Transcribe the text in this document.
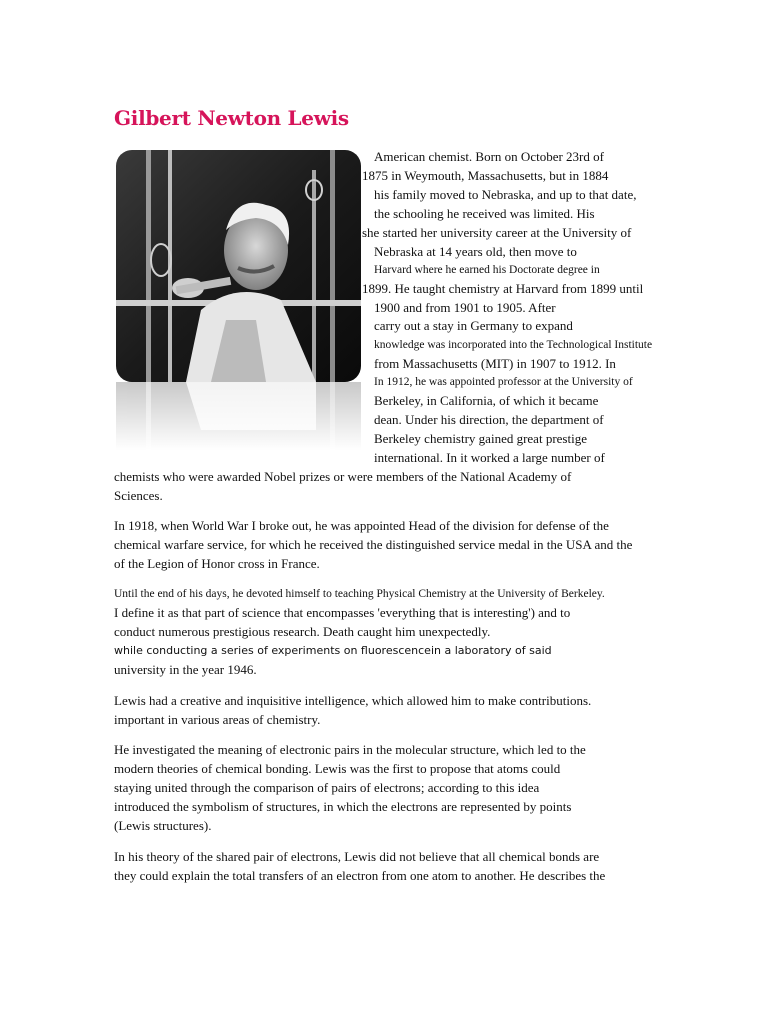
Gilbert Newton Lewis
American chemist. Born on October 23rd of
1875 in Weymouth, Massachusetts, but in 1884
his family moved to Nebraska, and up to that date,
the schooling he received was limited. His
she started her university career at the University of
Nebraska at 14 years old, then move to
Harvard where he earned his Doctorate degree in
1899. He taught chemistry at Harvard from 1899 until
1900 and from 1901 to 1905. After
carry out a stay in Germany to expand
knowledge was incorporated into the Technological Institute
from Massachusetts (MIT) in 1907 to 1912. In
In 1912, he was appointed professor at the University of
Berkeley, in California, of which it became
dean. Under his direction, the department of
Berkeley chemistry gained great prestige
international. In it worked a large number of
chemists who were awarded Nobel prizes or were members of the National Academy of
Sciences.
In 1918, when World War I broke out, he was appointed Head of the division for defense of the
chemical warfare service, for which he received the distinguished service medal in the USA and the
of the Legion of Honor cross in France.
Until the end of his days, he devoted himself to teaching Physical Chemistry at the University of Berkeley.
I define it as that part of science that encompasses 'everything that is interesting') and to
conduct numerous prestigious research. Death caught him unexpectedly.
while conducting a series of experiments on fluorescencein a laboratory of said
university in the year 1946.
Lewis had a creative and inquisitive intelligence, which allowed him to make contributions.
important in various areas of chemistry.
He investigated the meaning of electronic pairs in the molecular structure, which led to the
modern theories of chemical bonding. Lewis was the first to propose that atoms could
staying united through the comparison of pairs of electrons; according to this idea
introduced the symbolism of structures, in which the electrons are represented by points
(Lewis structures).
In his theory of the shared pair of electrons, Lewis did not believe that all chemical bonds are
they could explain the total transfers of an electron from one atom to another. He describes the
